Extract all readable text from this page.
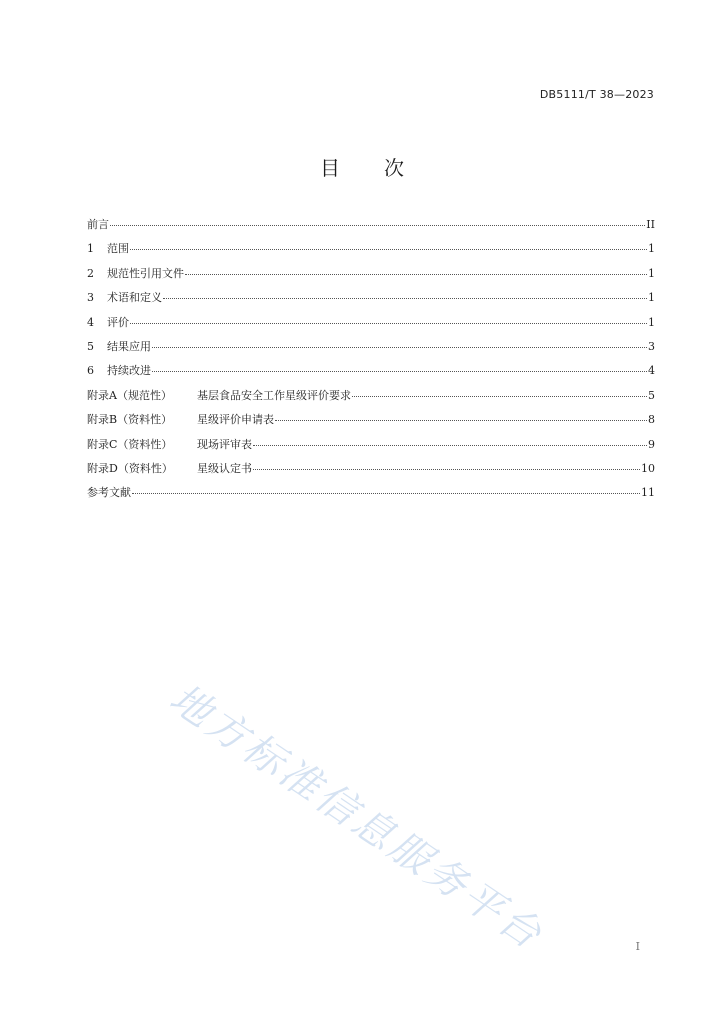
DB5111/T 38—2023
目 次
前言	II
1 范围	1
2 规范性引用文件	1
3 术语和定义	1
4 评价	1
5 结果应用	3
6 持续改进	4
附录A（规范性） 基层食品安全工作星级评价要求	5
附录B（资料性） 星级评价申请表	8
附录C（资料性） 现场评审表	9
附录D（资料性） 星级认定书	10
参考文献	11
地方标准信息服务平台	I
